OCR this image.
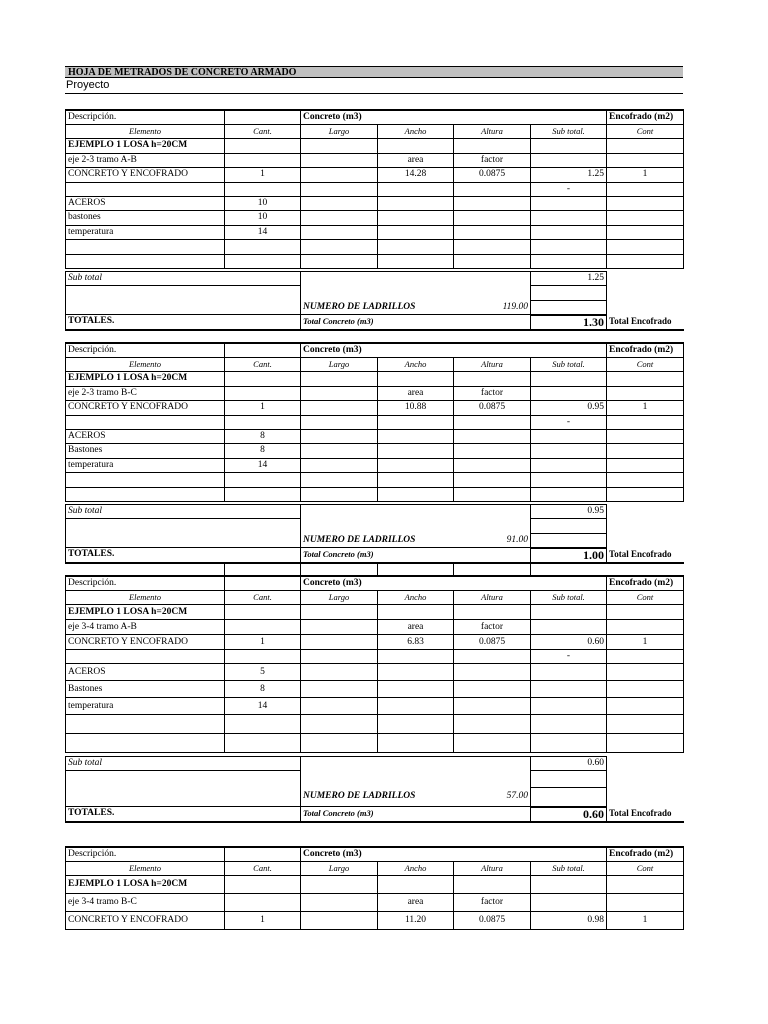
HOJA DE METRADOS DE CONCRETO ARMADO
Proyecto
Descripción.		Concreto (m3)				Encofrado (m2)
Elemento	Cant.	Largo	Ancho	Altura	Sub total.	Cont
EJEMPLO 1 LOSA h=20CM						
eje 2-3 tramo A-B			area	factor		
CONCRETO Y ENCOFRADO	1		14.28	0.0875	1.25	1
					-	
ACEROS	10					
bastones	10					
temperatura	14					

Sub total					1.25	

		NUMERO DE LADRILLOS		119.00		
TOTALES.		Total Concreto (m3)			1.30	Total Encofrado
Descripción.		Concreto (m3)				Encofrado (m2)
Elemento	Cant.	Largo	Ancho	Altura	Sub total.	Cont
EJEMPLO 1 LOSA h=20CM						
eje 2-3 tramo B-C			area	factor		
CONCRETO Y ENCOFRADO	1		10.88	0.0875	0.95	1
					-	
ACEROS	8					
Bastones	8					
temperatura	14					

Sub total					0.95	

		NUMERO DE LADRILLOS		91.00		
TOTALES.		Total Concreto (m3)			1.00	Total Encofrado

Descripción.		Concreto (m3)				Encofrado (m2)
Elemento	Cant.	Largo	Ancho	Altura	Sub total.	Cont
EJEMPLO 1 LOSA h=20CM						
eje 3-4 tramo A-B			area	factor		
CONCRETO Y ENCOFRADO	1		6.83	0.0875	0.60	1
					-	
ACEROS	5					
Bastones	8					
temperatura	14					

Sub total					0.60	

		NUMERO DE LADRILLOS		57.00		
TOTALES.		Total Concreto (m3)			0.60	Total Encofrado
Descripción.		Concreto (m3)				Encofrado (m2)
Elemento	Cant.	Largo	Ancho	Altura	Sub total.	Cont
EJEMPLO 1 LOSA h=20CM						
eje 3-4 tramo B-C			area	factor		
CONCRETO Y ENCOFRADO	1		11.20	0.0875	0.98	1
